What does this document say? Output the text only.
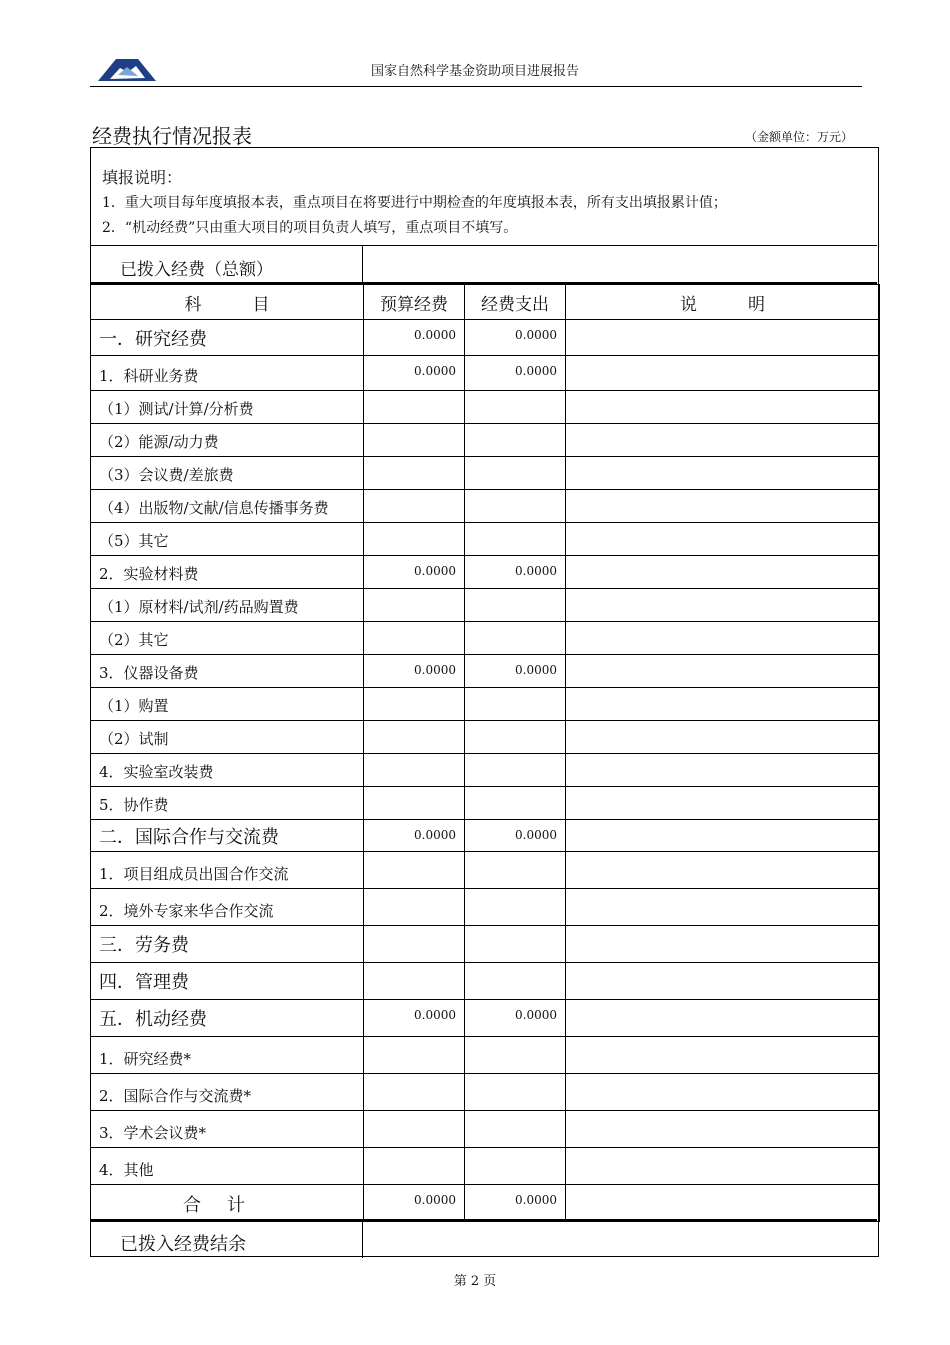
国家自然科学基金资助项目进展报告
经费执行情况报表	（金额单位：万元）
填报说明：
1．重大项目每年度填报本表，重点项目在将要进行中期检查的年度填报本表，所有支出填报累计值；
2．“机动经费”只由重大项目的项目负责人填写，重点项目不填写。
已拨入经费（总额）
科　　　目	预算经费	经费支出	说　　　明
一．研究经费	0.0000	0.0000	
1．科研业务费	0.0000	0.0000	
（1）测试/计算/分析费			
（2）能源/动力费			
（3）会议费/差旅费			
（4）出版物/文献/信息传播事务费			
（5）其它			
2．实验材料费	0.0000	0.0000	
（1）原材料/试剂/药品购置费			
（2）其它			
3．仪器设备费	0.0000	0.0000	
（1）购置			
（2）试制			
4．实验室改装费			
5．协作费			
二．国际合作与交流费	0.0000	0.0000	
1．项目组成员出国合作交流			
2．境外专家来华合作交流			
三．劳务费			
四．管理费			
五．机动经费	0.0000	0.0000	
1．研究经费*			
2．国际合作与交流费*			
3．学术会议费*			
4．其他			
合计	0.0000	0.0000	
已拨入经费结余
第 2 页
